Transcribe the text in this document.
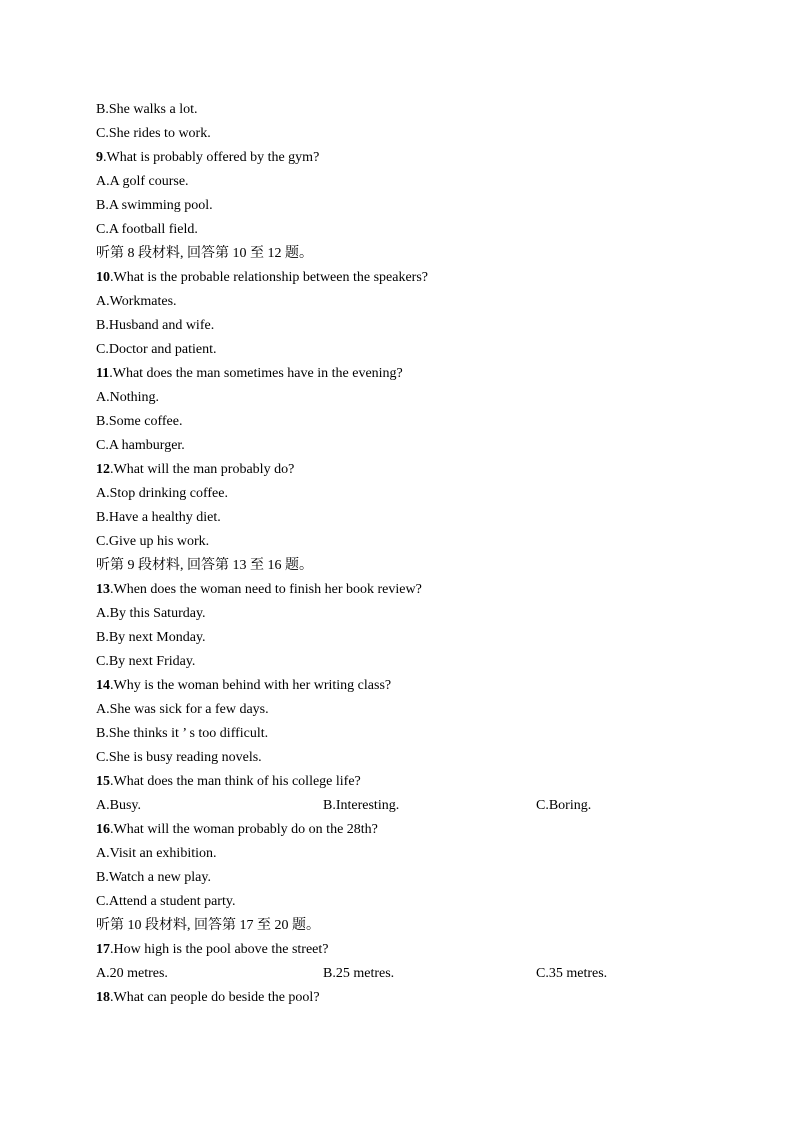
B.She walks a lot.
C.She rides to work.
9.What is probably offered by the gym?
A.A golf course.
B.A swimming pool.
C.A football field.
听第 8 段材料, 回答第 10 至 12 题。
10.What is the probable relationship between the speakers?
A.Workmates.
B.Husband and wife.
C.Doctor and patient.
11.What does the man sometimes have in the evening?
A.Nothing.
B.Some coffee.
C.A hamburger.
12.What will the man probably do?
A.Stop drinking coffee.
B.Have a healthy diet.
C.Give up his work.
听第 9 段材料, 回答第 13 至 16 题。
13.When does the woman need to finish her book review?
A.By this Saturday.
B.By next Monday.
C.By next Friday.
14.Why is the woman behind with her writing class?
A.She was sick for a few days.
B.She thinks it ’ s too difficult.
C.She is busy reading novels.
15.What does the man think of his college life?
A.Busy.	B.Interesting.	C.Boring.
16.What will the woman probably do on the 28th?
A.Visit an exhibition.
B.Watch a new play.
C.Attend a student party.
听第 10 段材料, 回答第 17 至 20 题。
17.How high is the pool above the street?
A.20 metres.	B.25 metres.	C.35 metres.
18.What can people do beside the pool?
